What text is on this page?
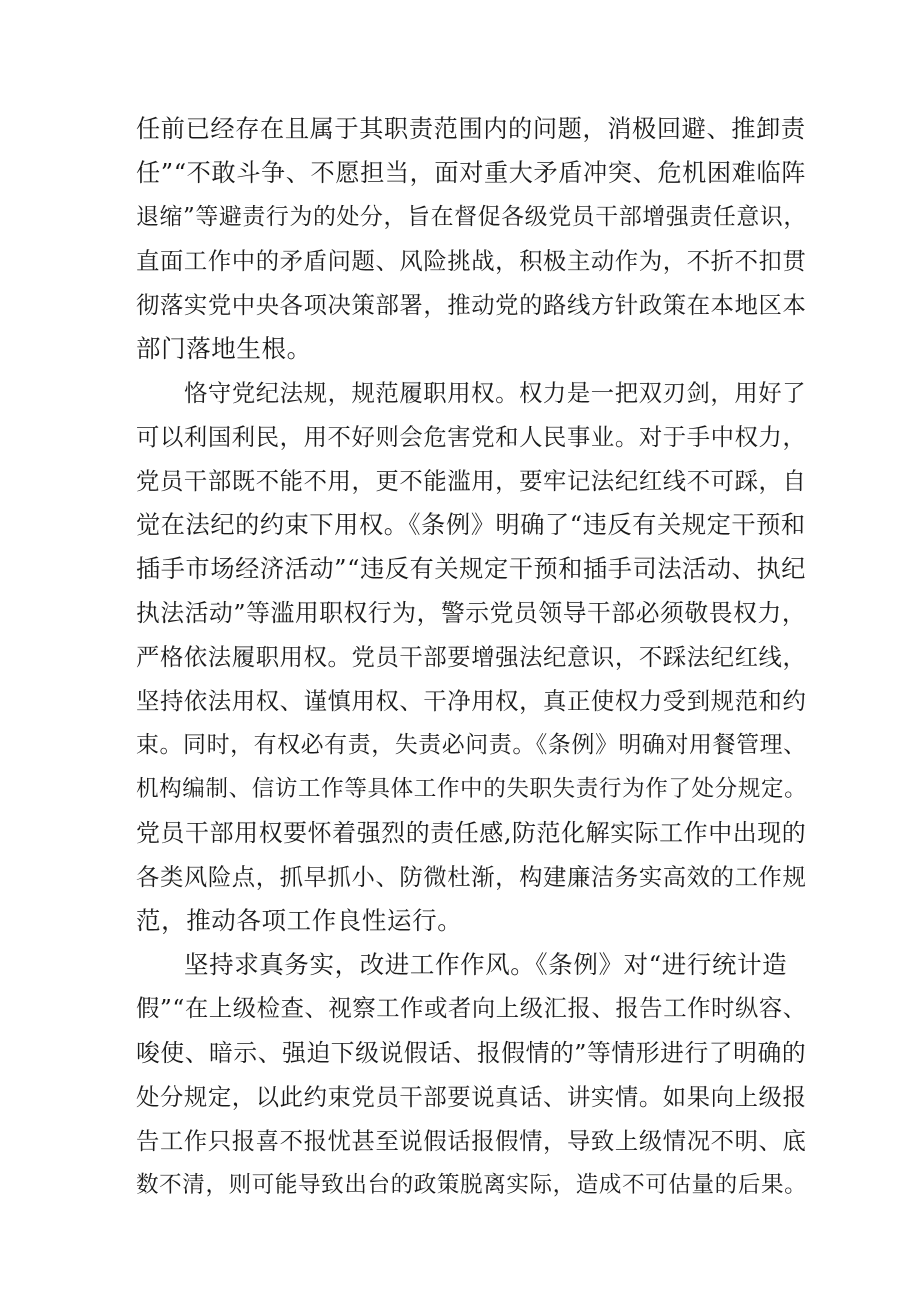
任前已经存在且属于其职责范围内的问题，消极回避、推卸责

任”“不敢斗争、不愿担当，面对重大矛盾冲突、危机困难临阵

退缩”等避责行为的处分，旨在督促各级党员干部增强责任意识，

直面工作中的矛盾问题、风险挑战，积极主动作为，不折不扣贯

彻落实党中央各项决策部署，推动党的路线方针政策在本地区本

部门落地生根。

恪守党纪法规，规范履职用权。权力是一把双刃剑，用好了

可以利国利民，用不好则会危害党和人民事业。对于手中权力，

党员干部既不能不用，更不能滥用，要牢记法纪红线不可踩，自

觉在法纪的约束下用权。《条例》明确了“违反有关规定干预和

插手市场经济活动”“违反有关规定干预和插手司法活动、执纪

执法活动”等滥用职权行为，警示党员领导干部必须敬畏权力，

严格依法履职用权。党员干部要增强法纪意识，不踩法纪红线，

坚持依法用权、谨慎用权、干净用权，真正使权力受到规范和约

束。同时，有权必有责，失责必问责。《条例》明确对用餐管理、

机构编制、信访工作等具体工作中的失职失责行为作了处分规定。

党员干部用权要怀着强烈的责任感,防范化解实际工作中出现的

各类风险点，抓早抓小、防微杜渐，构建廉洁务实高效的工作规

范，推动各项工作良性运行。

坚持求真务实，改进工作作风。《条例》对“进行统计造

假”“在上级检查、视察工作或者向上级汇报、报告工作时纵容、

唆使、暗示、强迫下级说假话、报假情的”等情形进行了明确的

处分规定，以此约束党员干部要说真话、讲实情。如果向上级报

告工作只报喜不报忧甚至说假话报假情，导致上级情况不明、底

数不清，则可能导致出台的政策脱离实际，造成不可估量的后果。
